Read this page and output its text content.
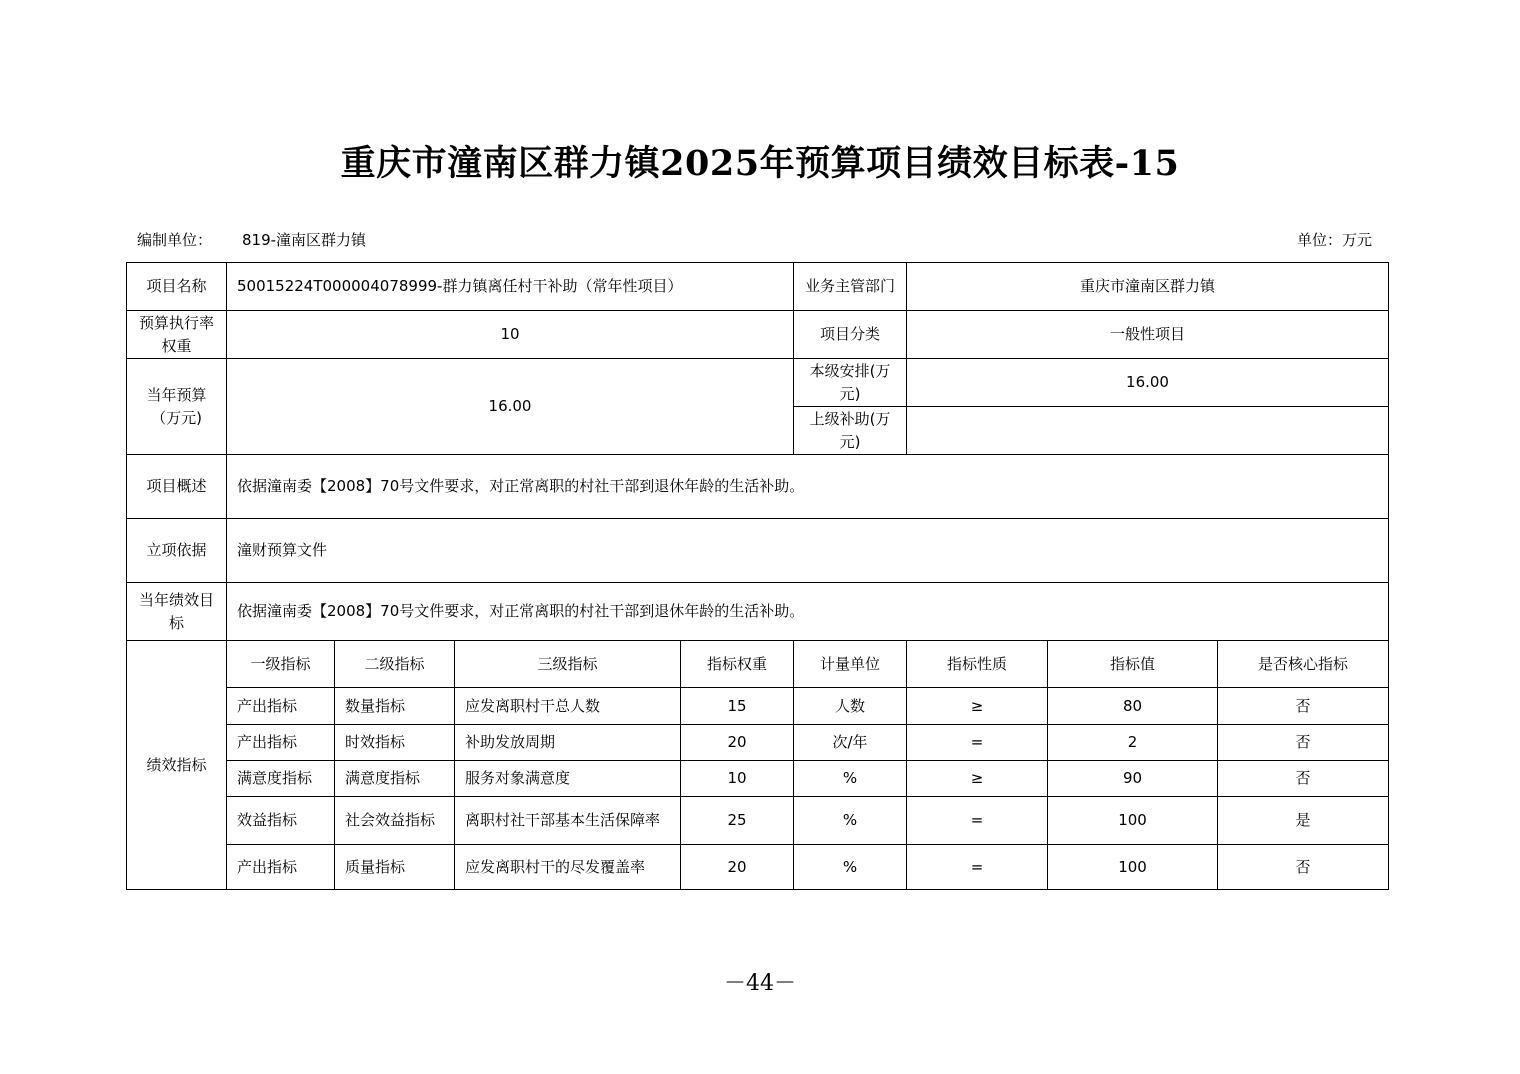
重庆市潼南区群力镇2025年预算项目绩效目标表-15
编制单位： 819-潼南区群力镇	单位：万元
项目名称	50015224T000004078999-群力镇离任村干补助（常年性项目）				业务主管部门	重庆市潼南区群力镇		
预算执行率权重	10				项目分类	一般性项目		
当年预算（万元)	16.00				本级安排(万元)	16.00		
					上级补助(万元)			
项目概述	依据潼南委【2008】70号文件要求，对正常离职的村社干部到退休年龄的生活补助。							
立项依据	潼财预算文件							
当年绩效目标	依据潼南委【2008】70号文件要求，对正常离职的村社干部到退休年龄的生活补助。							
绩效指标	一级指标	二级指标	三级指标	指标权重	计量单位	指标性质	指标值	是否核心指标
	产出指标	数量指标	应发离职村干总人数	15	人数	≥	80	否
	产出指标	时效指标	补助发放周期	20	次/年	=	2	否
	满意度指标	满意度指标	服务对象满意度	10	%	≥	90	否
	效益指标	社会效益指标	离职村社干部基本生活保障率	25	%	=	100	是
	产出指标	质量指标	应发离职村干的尽发覆盖率	20	%	=	100	否
－44－
